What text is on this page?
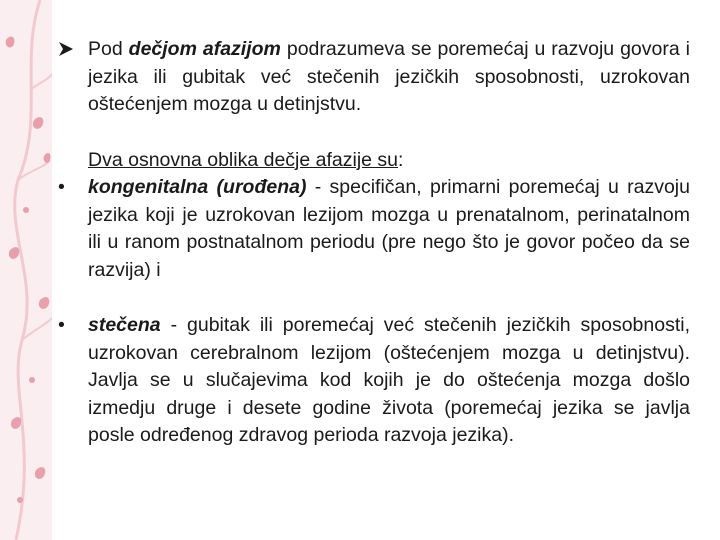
Pod dečjom afazijom podrazumeva se poremećaj u razvoju govora i jezika ili gubitak već stečenih jezičkih sposobnosti, uzrokovan oštećenjem mozga u detinjstvu.
Dva osnovna oblika dečje afazije su:
•	kongenitalna (urođena) - specifičan, primarni poremećaj u razvoju jezika koji je uzrokovan lezijom mozga u prenatalnom, perinatalnom ili u ranom postnatalnom periodu (pre nego što je govor počeo da se razvija) i
•	stečena - gubitak ili poremećaj već stečenih jezičkih sposobnosti, uzrokovan cerebralnom lezijom (oštećenjem mozga u detinjstvu). Javlja se u slučajevima kod kojih je do oštećenja mozga došlo izmedju druge i desete godine života (poremećaj jezika se javlja posle određenog zdravog perioda razvoja jezika).
